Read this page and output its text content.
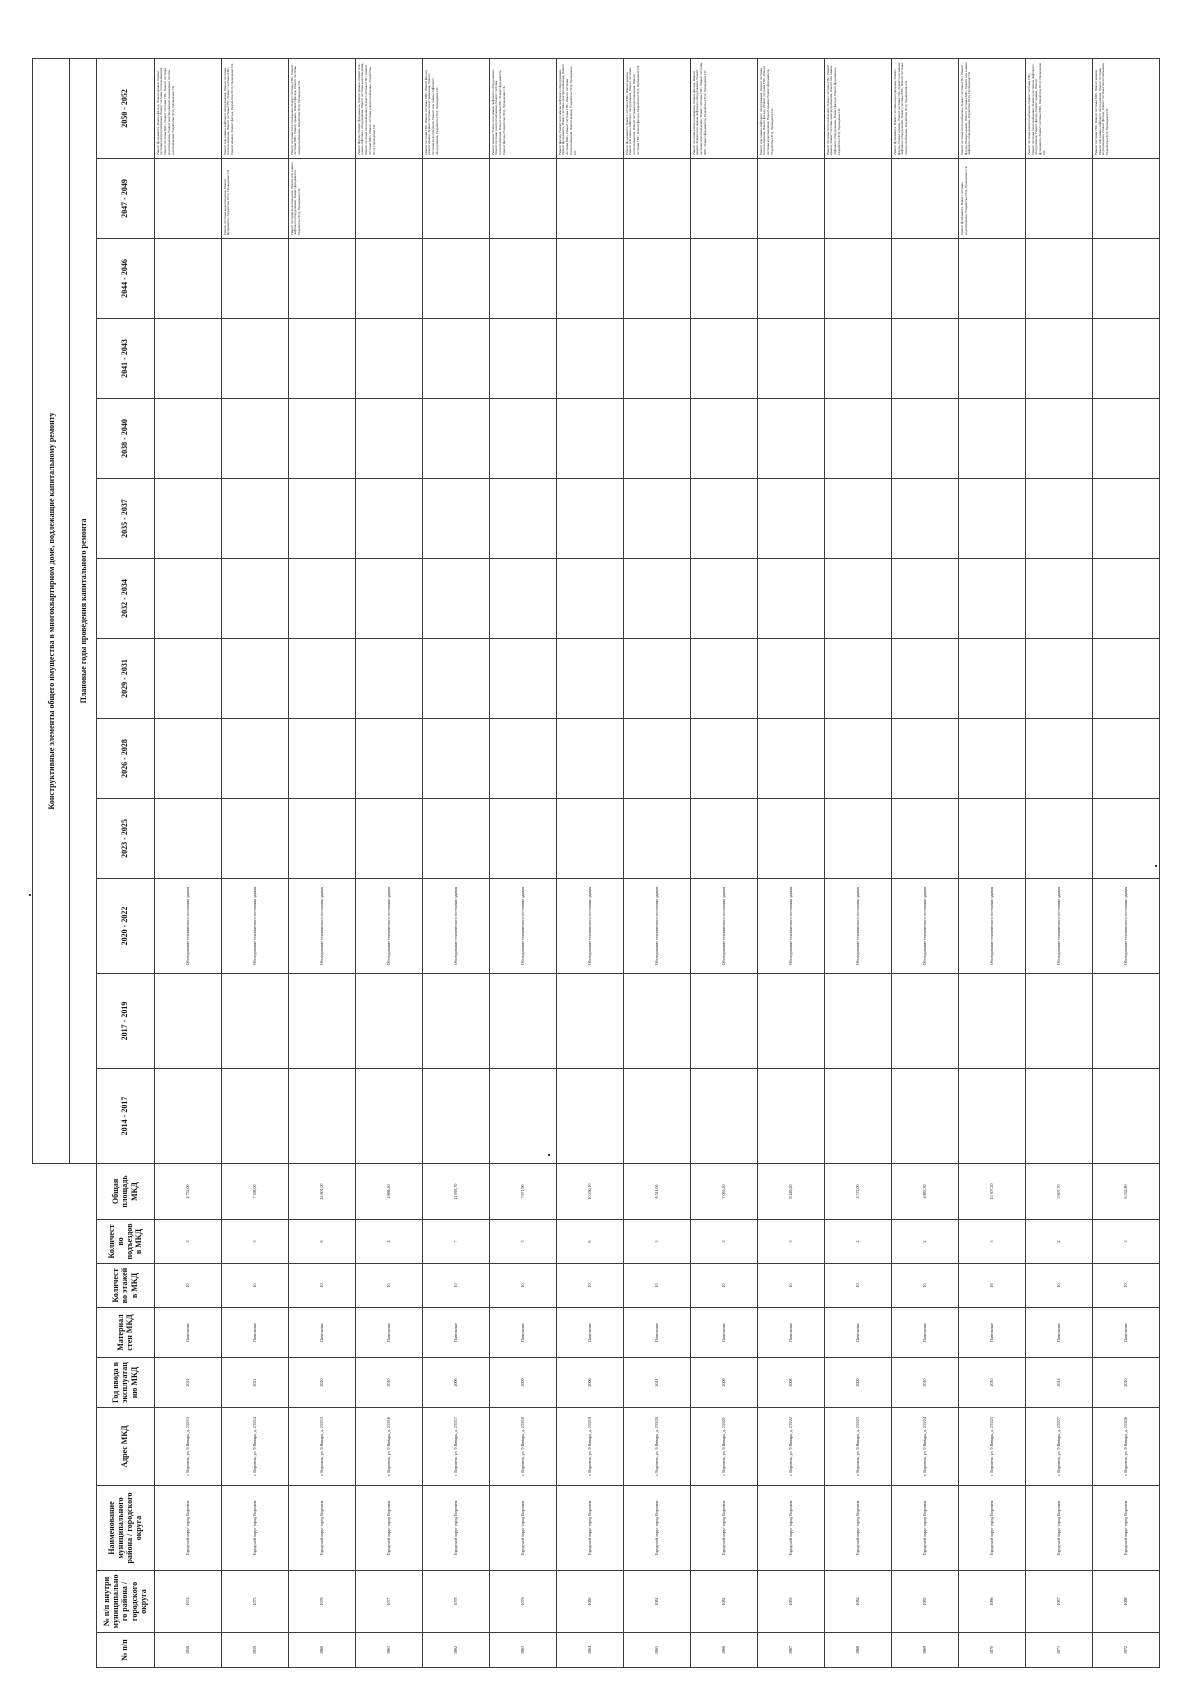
									Конструктивные элементы общего имущества в многоквартирном доме, подлежащие капитальному ремонту												
									Плановые годы проведения капитального ремонта												
№ п/п	№ п/п внутри муниципального района / городского округа	Наименование муниципального района / городского округа	Адрес МКД	Год ввода в эксплуатацию МКД	Материал стен МКД	Количество этажей в МКД	Количество подъездов в МКД	Общая площадь МКД	2014 - 2017	2017 - 2019	2020 - 2022	2023 - 2025	2026 - 2028	2029 - 2031	2032 - 2034	2035 - 2037	2038 - 2040	2041 - 2043	2044 - 2046	2047 - 2049	2050 - 2052
1858	1074	Городской округ город Воронеж	г. Воронеж, ул. 9 Января, д. 233/15	2011	Панельные	10	3	4 752,00			Обследование технического состояния здания										Ремонт фундамента, Ремонт фасада, Ремонт крыши, Ремонт системы электроснабжения, Ремонт системы теплоснабжения, Ремонт системы ХВС, Ремонт системы ГВС, Ремонт системы водоотведения, Ремонт внутридомовых инженерных систем газоснабжения, Разработка ПСД, Проведение СК
1859	1075	Городской округ город Воронеж	г. Воронеж, ул. 9 Января, д. 233/14	2011	Панельные	10	3	7 398,00			Обследование технического состояния здания									Ремонт системы водоотведения, Ремонт фундамента, Разработка ПСД, Проведение СК	Ремонт или замена лифтового оборудования, Ремонт системы теплоснабжения, Ремонт системы ГВС, Ремонт системы ХВС, Ремонт крыши, Ремонт фасада, Разработка ПСД, Проведение СК
1860	1076	Городской округ город Воронеж	г. Воронеж, ул. 9 Января, д. 233/13	2010	Панельные	10	6	12 801,00			Обследование технического состояния здания									Ремонт системы водоотведения, Ремонт или замена лифтового оборудования, Ремонт фундамента, Разработка ПСД, Проведение СК	Ремонт системы теплоснабжения, Ремонт системы ГВС, Ремонт системы ХВС, Ремонт крыши, Ремонт фасада, Ремонт системы электроснабжения, Разработка ПСД, Проведение СК
1861	1077	Городской округ город Воронеж	г. Воронеж, ул. 9 Января, д. 233/16	2010	Панельные	10	4	4 868,20			Обследование технического состояния здания										Ремонт фасада, Ремонт фундамента, Ремонт крыши, Ремонт или замена лифтового оборудования, Ремонт системы водоотведения, Ремонт системы теплоснабжения, Ремонт системы ГВС, Ремонт системы ХВС, Ремонт системы электроснабжения, Разработка ПСД, Проведение СК
1862	1078	Городской округ город Воронеж	г. Воронеж, ул. 9 Января, д. 233/17	2006	Панельные	10	7	11 693,70			Обследование технического состояния здания										Ремонт системы ГВС, Ремонт системы ХВС, Ремонт фасада, Ремонт крыши, Ремонт системы теплоснабжения, Ремонт системы водоотведения, Ремонт или замена лифтового оборудования, Разработка ПСД, Проведение СК
1863	1079	Городской округ город Воронеж	г. Воронеж, ул. 9 Января, д. 233/18	2009	Панельные	10	3	7 671,90			Обследование технического состояния здания										Ремонт крыши, Ремонт или замена лифтового оборудования, Ремонт системы электроснабжения, Ремонт системы теплоснабжения, Ремонт системы ГВС, Ремонт фундамента, Ремонт фасада, Разработка ПСД, Проведение СК
1864	1080	Городской округ город Воронеж	г. Воронеж, ул. 9 Января, д. 233/19	2006	Панельные	10	6	10 290,10			Обследование технического состояния здания										Ремонт фасада, Ремонт или замена лифтового оборудования, Ремонт фундамента, Ремонт системы электроснабжения, Ремонт системы ХВС, Ремонт системы ГВС, Ремонт системы теплоснабжения, Ремонт крыши, Разработка ПСД, Проведение СК
1865	1081	Городской округ город Воронеж	г. Воронеж, ул. 9 Января, д. 233/20	2011	Панельные	10	3	6 511,00			Обследование технического состояния здания										Ремонт фундамента, Ремонт системы ХВС, Ремонт крыши, Ремонт или замена лифтового оборудования, Ремонт системы теплоснабжения, Ремонт системы водоотведения, Ремонт системы ГВС, Ремонт фасада, Разработка ПСД, Проведение СК
1866	1082	Городской округ город Воронеж	г. Воронеж, ул. 9 Января, д. 233/21	2006	Панельные	10	3	7 065,20			Обследование технического состояния здания										Ремонт системы электроснабжения, Ремонт фасада, Ремонт крыши, Ремонт или замена лифтового оборудования, Ремонт системы теплоснабжения, Ремонт системы ГВС, Ремонт системы ХВС, Ремонт фундамента, Разработка ПСД, Проведение СК
1867	1083	Городской округ город Воронеж	г. Воронеж, ул. 9 Января, д. 233/22	2008	Панельные	10	3	8 449,20			Обследование технического состояния здания										Ремонт или замена лифтового оборудования, Ремонт системы теплоснабжения, Ремонт фасада, Ремонт системы ГВС, Ремонт системы водоотведения, Ремонт крыши, Ремонт фундамента, Разработка ПСД, Проведение СК
1868	1084	Городской округ город Воронеж	г. Воронеж, ул. 9 Января, д. 233/23	2009	Панельные	10	2	4 572,00			Обследование технического состояния здания										Ремонт системы теплоснабжения, Ремонт системы ГВС, Ремонт крыши, Ремонт системы электроснабжения, Ремонт или замена лифтового оборудования, Ремонт фасада, Ремонт фундамента, Разработка ПСД, Проведение СК
1869	1085	Городской округ город Воронеж	г. Воронеж, ул. 9 Января, д. 233/24	2010	Панельные	10	2	4 883,30			Обследование технического состояния здания										Ремонт фундамента, Ремонт системы водоотведения, Ремонт фасада, Ремонт крыши, Ремонт системы ГВС, Ремонт или замена лифтового оборудования, Ремонт системы ХВС, Ремонт системы электроснабжения, Разработка ПСД, Проведение СК
1870	1086	Городской округ город Воронеж	г. Воронеж, ул. 9 Января, д. 233/25	2010	Панельные	16	3	15 307,20			Обследование технического состояния здания									Ремонт фундамента, Ремонт системы водоотведения, Разработка ПСД, Проведение СК	Ремонт системы теплоснабжения, Ремонт системы ГВС, Ремонт фасада, Ремонт крыши, Ремонт системы ХВС, Ремонт или замена лифтового оборудования, Разработка ПСД, Проведение СК
1871	1087	Городской округ город Воронеж	г. Воронеж, ул. 9 Января, д. 233/27	2014	Панельные	10	2	5 607,70			Обследование технического состояния здания										Ремонт системы электроснабжения, Ремонт системы ГВС, Ремонт системы теплоснабжения, Ремонт или замена лифтового оборудования, Ремонт фасада, Ремонт крыши, Ремонт фундамента, Ремонт системы ХВС, Разработка ПСД, Проведение СК
1872	1088	Городской округ город Воронеж	г. Воронеж, ул. 9 Января, д. 233/26	2010	Панельные	10	3	6 532,80			Обследование технического состояния здания										Ремонт системы ГВС, Ремонт системы ХВС, Ремонт крыши, Ремонт или замена лифтового оборудования, Ремонт системы водоотведения, Ремонт фасада, Ремонт системы теплоснабжения, Разработка ПСД, Проведение СК
